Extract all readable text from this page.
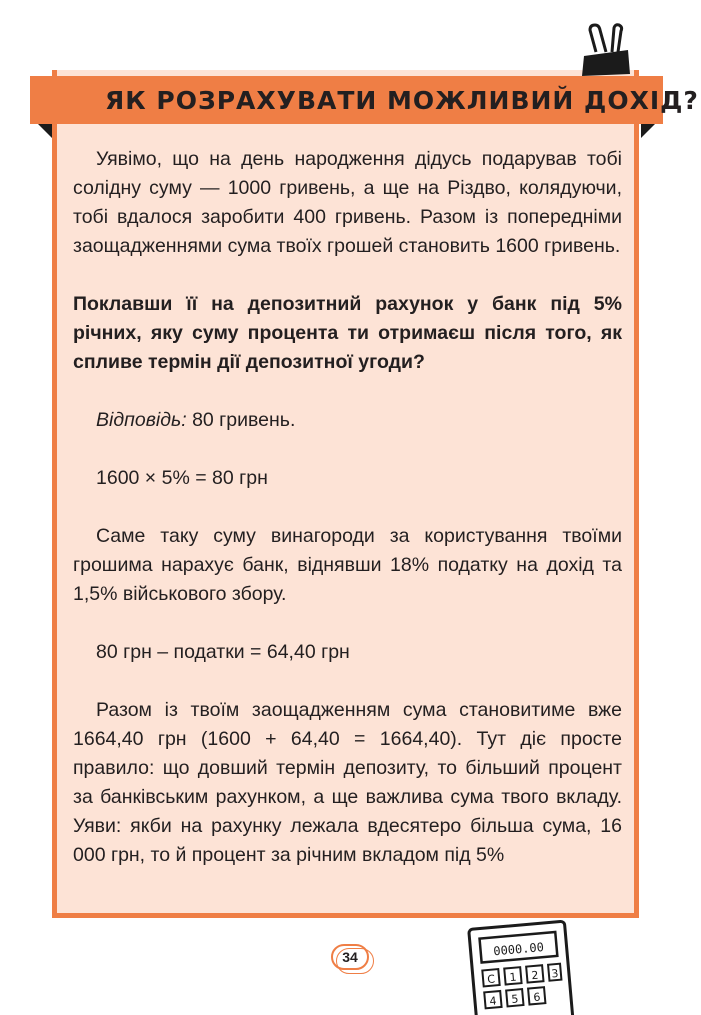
ЯК РОЗРАХУВАТИ МОЖЛИВИЙ ДОХІД?

Уявімо, що на день народження дідусь подарував тобі солідну суму — 1000 гривень, а ще на Різдво, колядуючи, тобі вдалося заробити 400 гривень. Разом із попередніми заощадженнями сума твоїх грошей становить 1600 гривень.

Поклавши її на депозитний рахунок у банк під 5% річних, яку суму процента ти отримаєш після того, як спливе термін дії депозитної угоди?

Відповідь: 80 гривень.

1600 × 5% = 80 грн

Саме таку суму винагороди за користування твоїми грошима нарахує банк, віднявши 18% податку на дохід та 1,5% військового збору.

80 грн – податки = 64,40 грн

Разом із твоїм заощадженням сума становитиме вже 1664,40 грн (1600 + 64,40 = 1664,40). Тут діє просте правило: що довший термін депозиту, то більший процент за банківським рахунком, а ще важлива сума твого вкладу. Уяви: якби на рахунку лежала вдесятеро більша сума, 16 000 грн, то й процент за річним вкладом під 5%

34	0000.00
C 1 2 3
4 5 6
